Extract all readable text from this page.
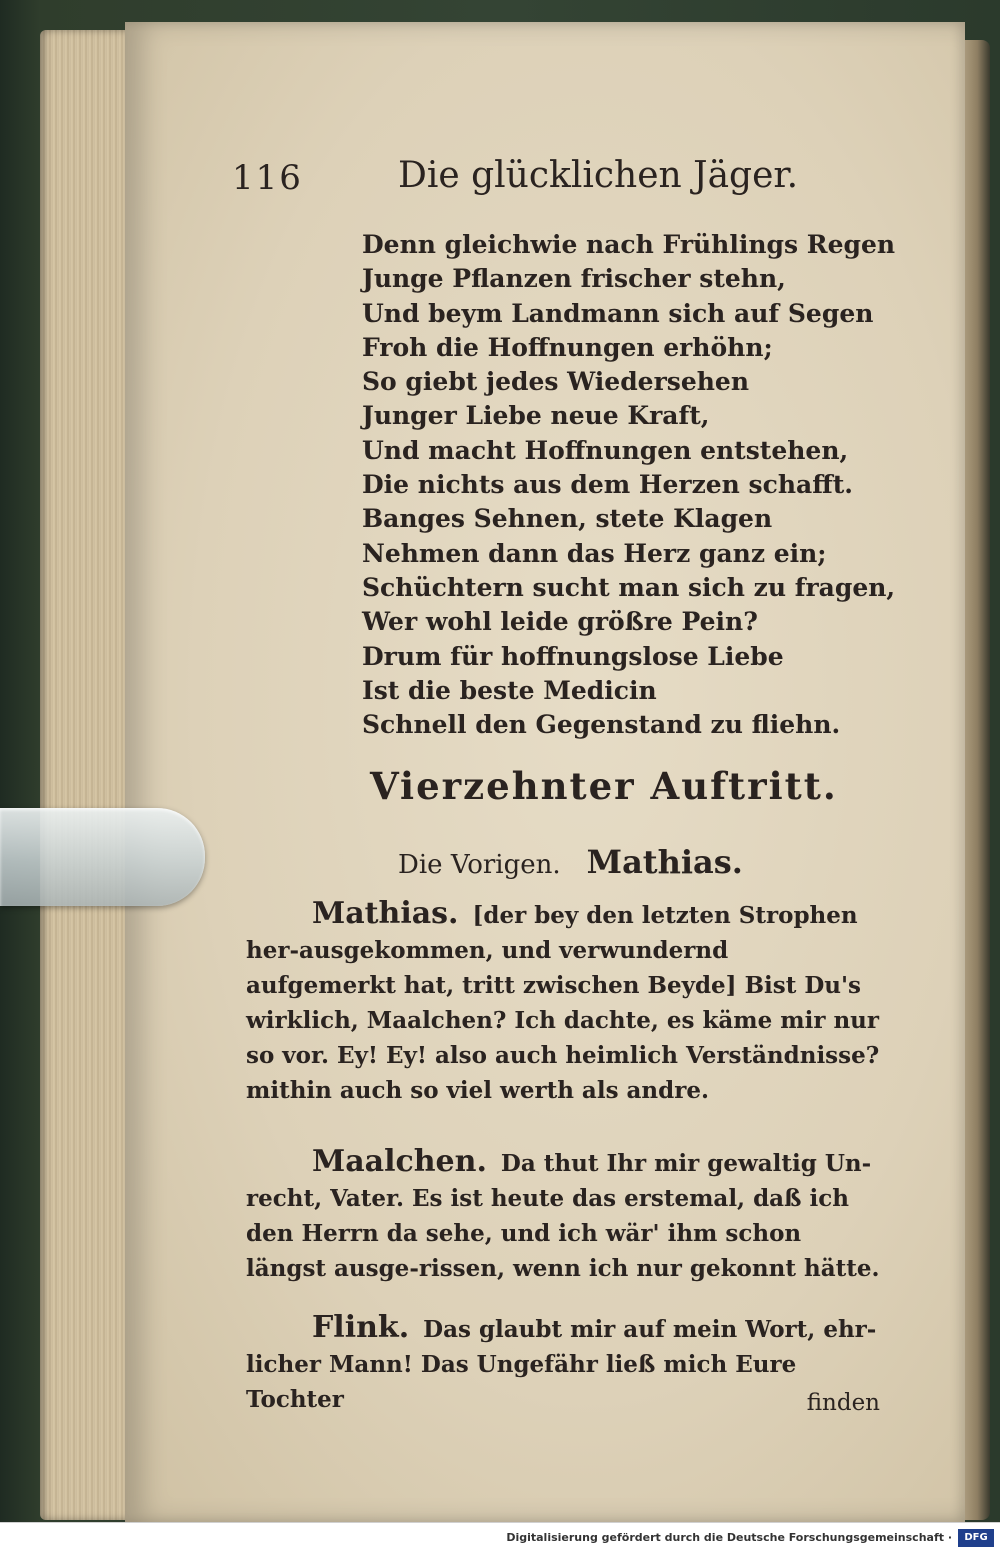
116	Die glücklichen Jäger.
Denn gleichwie nach Frühlings Regen
Junge Pflanzen frischer stehn,
Und beym Landmann sich auf Segen
Froh die Hoffnungen erhöhn;
So giebt jedes Wiedersehen
Junger Liebe neue Kraft,
Und macht Hoffnungen entstehen,
Die nichts aus dem Herzen schafft.
Banges Sehnen, stete Klagen
Nehmen dann das Herz ganz ein;
Schüchtern sucht man sich zu fragen,
Wer wohl leide größre Pein?
Drum für hoffnungslose Liebe
Ist die beste Medicin
Schnell den Gegenstand zu fliehn.
Vierzehnter Auftritt.
Die Vorigen. Mathias.
Mathias. [der bey den letzten Strophen her-ausgekommen, und verwundernd aufgemerkt hat, tritt zwischen Beyde] Bist Du's wirklich, Maalchen? Ich dachte, es käme mir nur so vor. Ey! Ey! also auch heimlich Verständnisse? mithin auch so viel werth als andre.
Maalchen. Da thut Ihr mir gewaltig Un-recht, Vater. Es ist heute das erstemal, daß ich den Herrn da sehe, und ich wär' ihm schon längst ausge-rissen, wenn ich nur gekonnt hätte.
Flink. Das glaubt mir auf mein Wort, ehr-licher Mann! Das Ungefähr ließ mich Eure Tochter	finden
Digitalisierung gefördert durch die Deutsche Forschungsgemeinschaft ·	DFG
